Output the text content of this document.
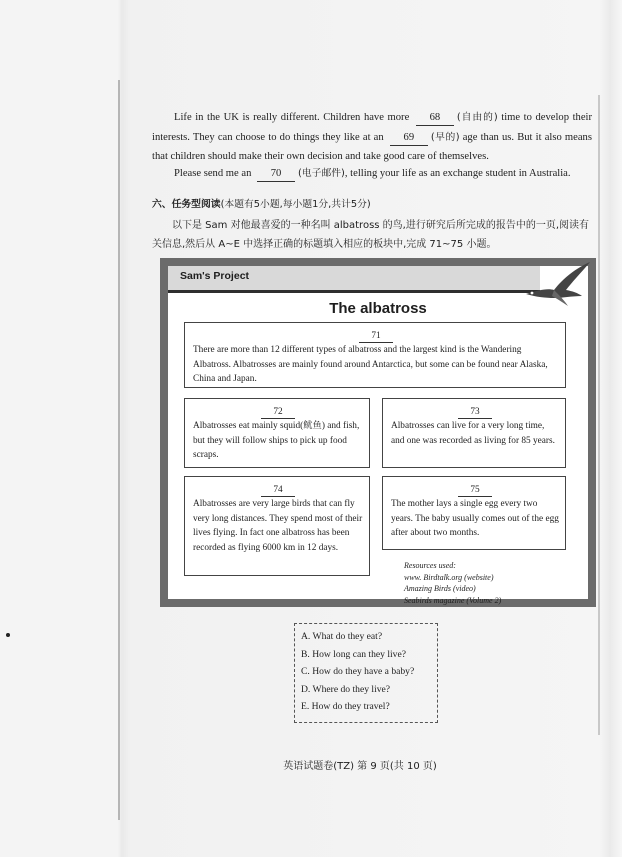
Life in the UK is really different. Children have more 68 (自由的) time to develop their interests. They can choose to do things they like at an 69 (早的) age than us. But it also means that children should make their own decision and take good care of themselves.
Please send me an 70 (电子邮件), telling your life as an exchange student in Australia.
六、任务型阅读(本题有5小题,每小题1分,共计5分)
以下是 Sam 对他最喜爱的一种名叫 albatross 的鸟,进行研究后所完成的报告中的一页,阅读有关信息,然后从 A~E 中选择正确的标题填入相应的板块中,完成 71~75 小题。
Sam's Project
The albatross
71
There are more than 12 different types of albatross and the largest kind is the Wandering Albatross. Albatrosses are mainly found around Antarctica, but some can be found near Alaska, China and Japan.
72
Albatrosses eat mainly squid(鱿鱼) and fish, but they will follow ships to pick up food scraps.
73
Albatrosses can live for a very long time, and one was recorded as living for 85 years.
74
Albatrosses are very large birds that can fly very long distances. They spend most of their lives flying. In fact one albatross has been recorded as flying 6000 km in 12 days.
75
The mother lays a single egg every two years. The baby usually comes out of the egg after about two months.
Resources used:
www. Birdtalk.org (website)
Amazing Birds (video)
Seabirds magazine (Volume 2)
A. What do they eat?
B. How long can they live?
C. How do they have a baby?
D. Where do they live?
E. How do they travel?
英语试题卷(TZ) 第 9 页(共 10 页)
